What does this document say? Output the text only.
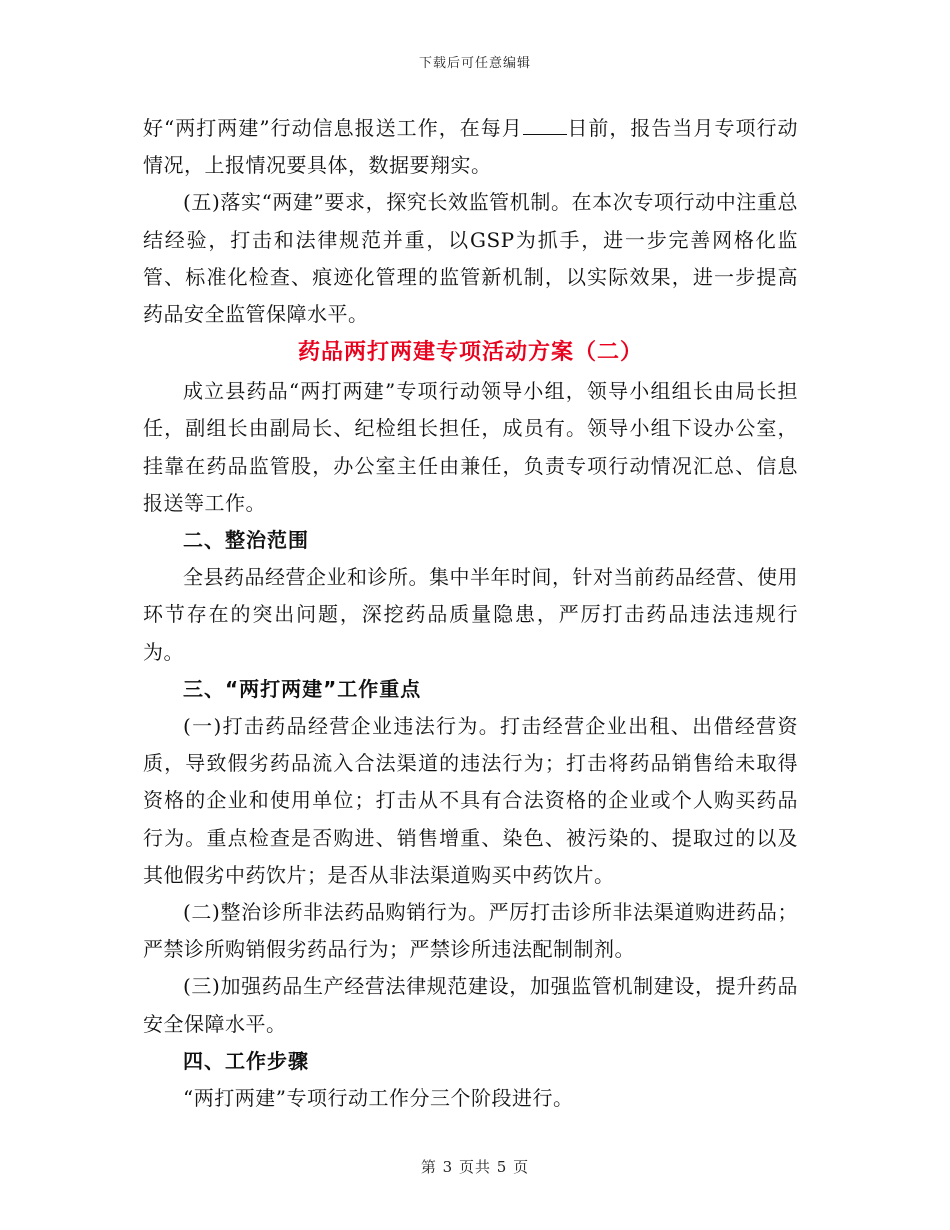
下载后可任意编辑

好“两打两建”行动信息报送工作，在每月 日前，报告当月专项行动情况，上报情况要具体，数据要翔实。

(五)落实“两建”要求，探究长效监管机制。在本次专项行动中注重总结经验，打击和法律规范并重，以GSP为抓手，进一步完善网格化监管、标准化检查、痕迹化管理的监管新机制，以实际效果，进一步提高药品安全监管保障水平。

药品两打两建专项活动方案（二）

成立县药品“两打两建”专项行动领导小组，领导小组组长由局长担任，副组长由副局长、纪检组长担任，成员有。领导小组下设办公室，挂靠在药品监管股，办公室主任由兼任，负责专项行动情况汇总、信息报送等工作。

二、整治范围

全县药品经营企业和诊所。集中半年时间，针对当前药品经营、使用环节存在的突出问题，深挖药品质量隐患，严厉打击药品违法违规行为。

三、“两打两建”工作重点

(一)打击药品经营企业违法行为。打击经营企业出租、出借经营资质，导致假劣药品流入合法渠道的违法行为；打击将药品销售给未取得资格的企业和使用单位；打击从不具有合法资格的企业或个人购买药品行为。重点检查是否购进、销售增重、染色、被污染的、提取过的以及其他假劣中药饮片；是否从非法渠道购买中药饮片。

(二)整治诊所非法药品购销行为。严厉打击诊所非法渠道购进药品；严禁诊所购销假劣药品行为；严禁诊所违法配制制剂。

(三)加强药品生产经营法律规范建设，加强监管机制建设，提升药品安全保障水平。

四、工作步骤

“两打两建”专项行动工作分三个阶段进行。

第 3 页共 5 页
